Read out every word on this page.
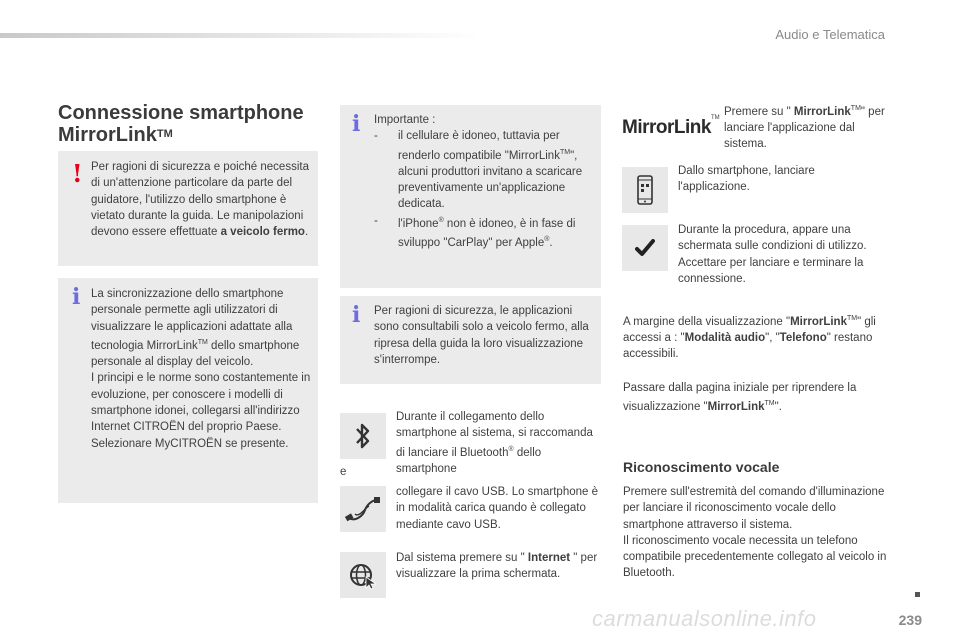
Audio e Telematica
Connessione smartphone
MirrorLink™
! Per ragioni di sicurezza e poiché necessita di un'attenzione particolare da parte del guidatore, l'utilizzo dello smartphone è vietato durante la guida. Le manipolazioni devono essere effettuate a veicolo fermo.
i La sincronizzazione dello smartphone personale permette agli utilizzatori di visualizzare le applicazioni adattate alla tecnologia MirrorLink™ dello smartphone personale al display del veicolo.
I principi e le norme sono costantemente in evoluzione, per conoscere i modelli di smartphone idonei, collegarsi all'indirizzo Internet CITROËN del proprio Paese.
Selezionare MyCITROËN se presente.
i Importante :
- il cellulare è idoneo, tuttavia per renderlo compatibile "MirrorLink™", alcuni produttori invitano a scaricare preventivamente un'applicazione dedicata.
- l'iPhone® non è idoneo, è in fase di sviluppo "CarPlay" per Apple®.
i Per ragioni di sicurezza, le applicazioni sono consultabili solo a veicolo fermo, alla ripresa della guida la loro visualizzazione s'interrompe.
Durante il collegamento dello smartphone al sistema, si raccomanda di lanciare il Bluetooth® dello smartphone
e
collegare il cavo USB. Lo smartphone è in modalità carica quando è collegato mediante cavo USB.
Dal sistema premere su " Internet " per visualizzare la prima schermata.
MirrorLink™
Premere su " MirrorLink™" per lanciare l'applicazione dal sistema.
Dallo smartphone, lanciare l'applicazione.
Durante la procedura, appare una schermata sulle condizioni di utilizzo. Accettare per lanciare e terminare la connessione.
A margine della visualizzazione "MirrorLink™" gli accessi a : "Modalità audio", "Telefono" restano accessibili.
Passare dalla pagina iniziale per riprendere la visualizzazione "MirrorLink™".
Riconoscimento vocale
Premere sull'estremità del comando d'illuminazione per lanciare il riconoscimento vocale dello smartphone attraverso il sistema.
Il riconoscimento vocale necessita un telefono compatibile precedentemente collegato al veicolo in Bluetooth.
239
carmanualsonline.info
